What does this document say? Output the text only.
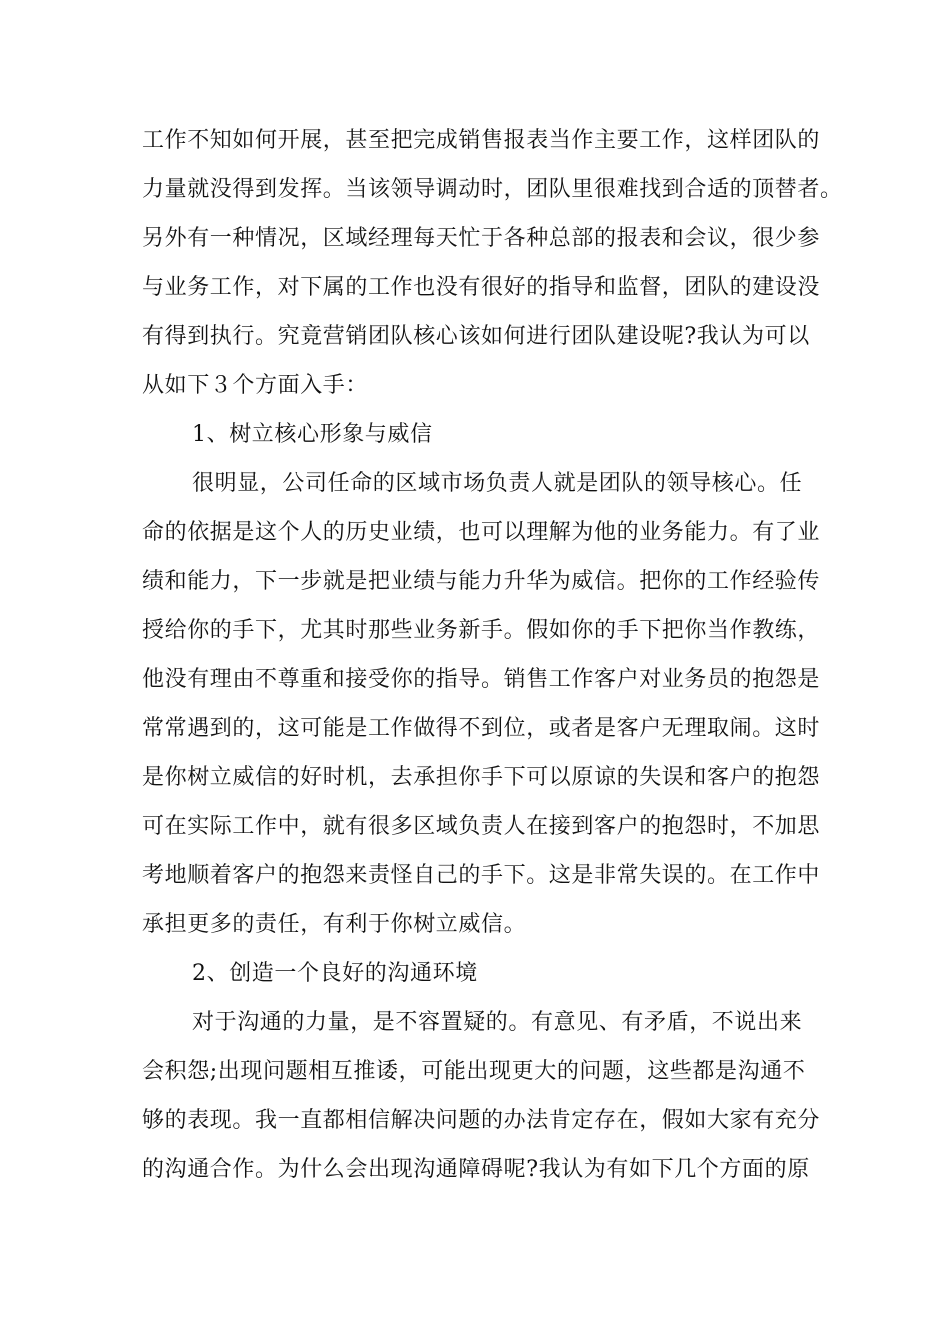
工作不知如何开展，甚至把完成销售报表当作主要工作，这样团队的
力量就没得到发挥。当该领导调动时，团队里很难找到合适的顶替者。
另外有一种情况，区域经理每天忙于各种总部的报表和会议，很少参
与业务工作，对下属的工作也没有很好的指导和监督，团队的建设没
有得到执行。究竟营销团队核心该如何进行团队建设呢?我认为可以
从如下３个方面入手：
1、树立核心形象与威信
很明显，公司任命的区域市场负责人就是团队的领导核心。任
命的依据是这个人的历史业绩，也可以理解为他的业务能力。有了业
绩和能力，下一步就是把业绩与能力升华为威信。把你的工作经验传
授给你的手下，尤其时那些业务新手。假如你的手下把你当作教练，
他没有理由不尊重和接受你的指导。销售工作客户对业务员的抱怨是
常常遇到的，这可能是工作做得不到位，或者是客户无理取闹。这时
是你树立威信的好时机，去承担你手下可以原谅的失误和客户的抱怨
可在实际工作中，就有很多区域负责人在接到客户的抱怨时，不加思
考地顺着客户的抱怨来责怪自己的手下。这是非常失误的。在工作中
承担更多的责任，有利于你树立威信。
2、创造一个良好的沟通环境
对于沟通的力量，是不容置疑的。有意见、有矛盾，不说出来
会积怨;出现问题相互推诿，可能出现更大的问题，这些都是沟通不
够的表现。我一直都相信解决问题的办法肯定存在，假如大家有充分
的沟通合作。为什么会出现沟通障碍呢?我认为有如下几个方面的原
